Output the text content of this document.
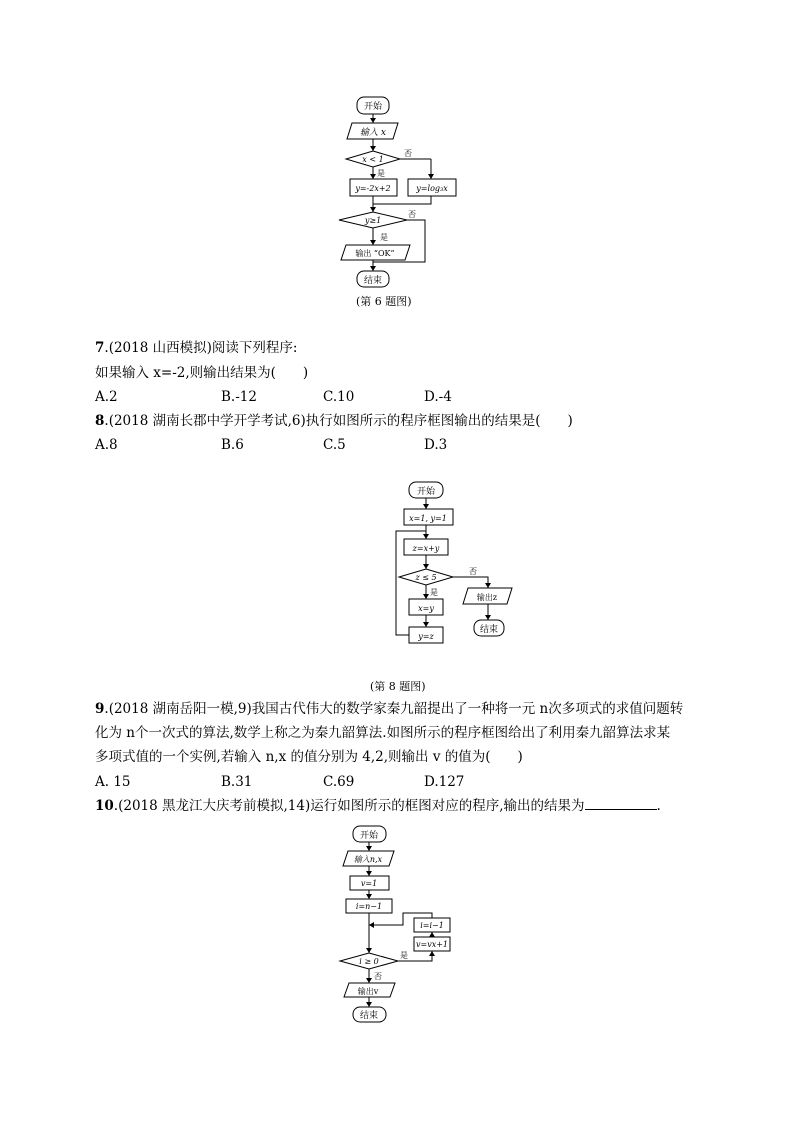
开始
输入 x
x < 1
是
否
y=-2x+2	y=log₃x
y≥1
是
否
输出 “OK”
结束
(第 6 题图)
7.(2018 山西模拟)阅读下列程序:
如果输入 x=-2,则输出结果为(　　)
A.2	B.-12	C.10	D.-4
8.(2018 湖南长郡中学开学考试,6)执行如图所示的程序框图输出的结果是(　　)
A.8	B.6	C.5	D.3
开始
x=1, y=1
z=x+y
z ≤ 5
是
否
x=y
y=z
输出z
结束
(第 8 题图)
9.(2018 湖南岳阳一模,9)我国古代伟大的数学家秦九韶提出了一种将一元 n次多项式的求值问题转
化为 n个一次式的算法,数学上称之为秦九韶算法.如图所示的程序框图给出了利用秦九韶算法求某
多项式值的一个实例,若输入 n,x 的值分别为 4,2,则输出 v 的值为(　　)
A. 15	B.31	C.69	D.127
10.(2018 黑龙江大庆考前模拟,14)运行如图所示的框图对应的程序,输出的结果为	.
开始
输入n,x
v=1
i=n−1
i=i−1
v=vx+1
i ≥ 0
是
否
输出v
结束
